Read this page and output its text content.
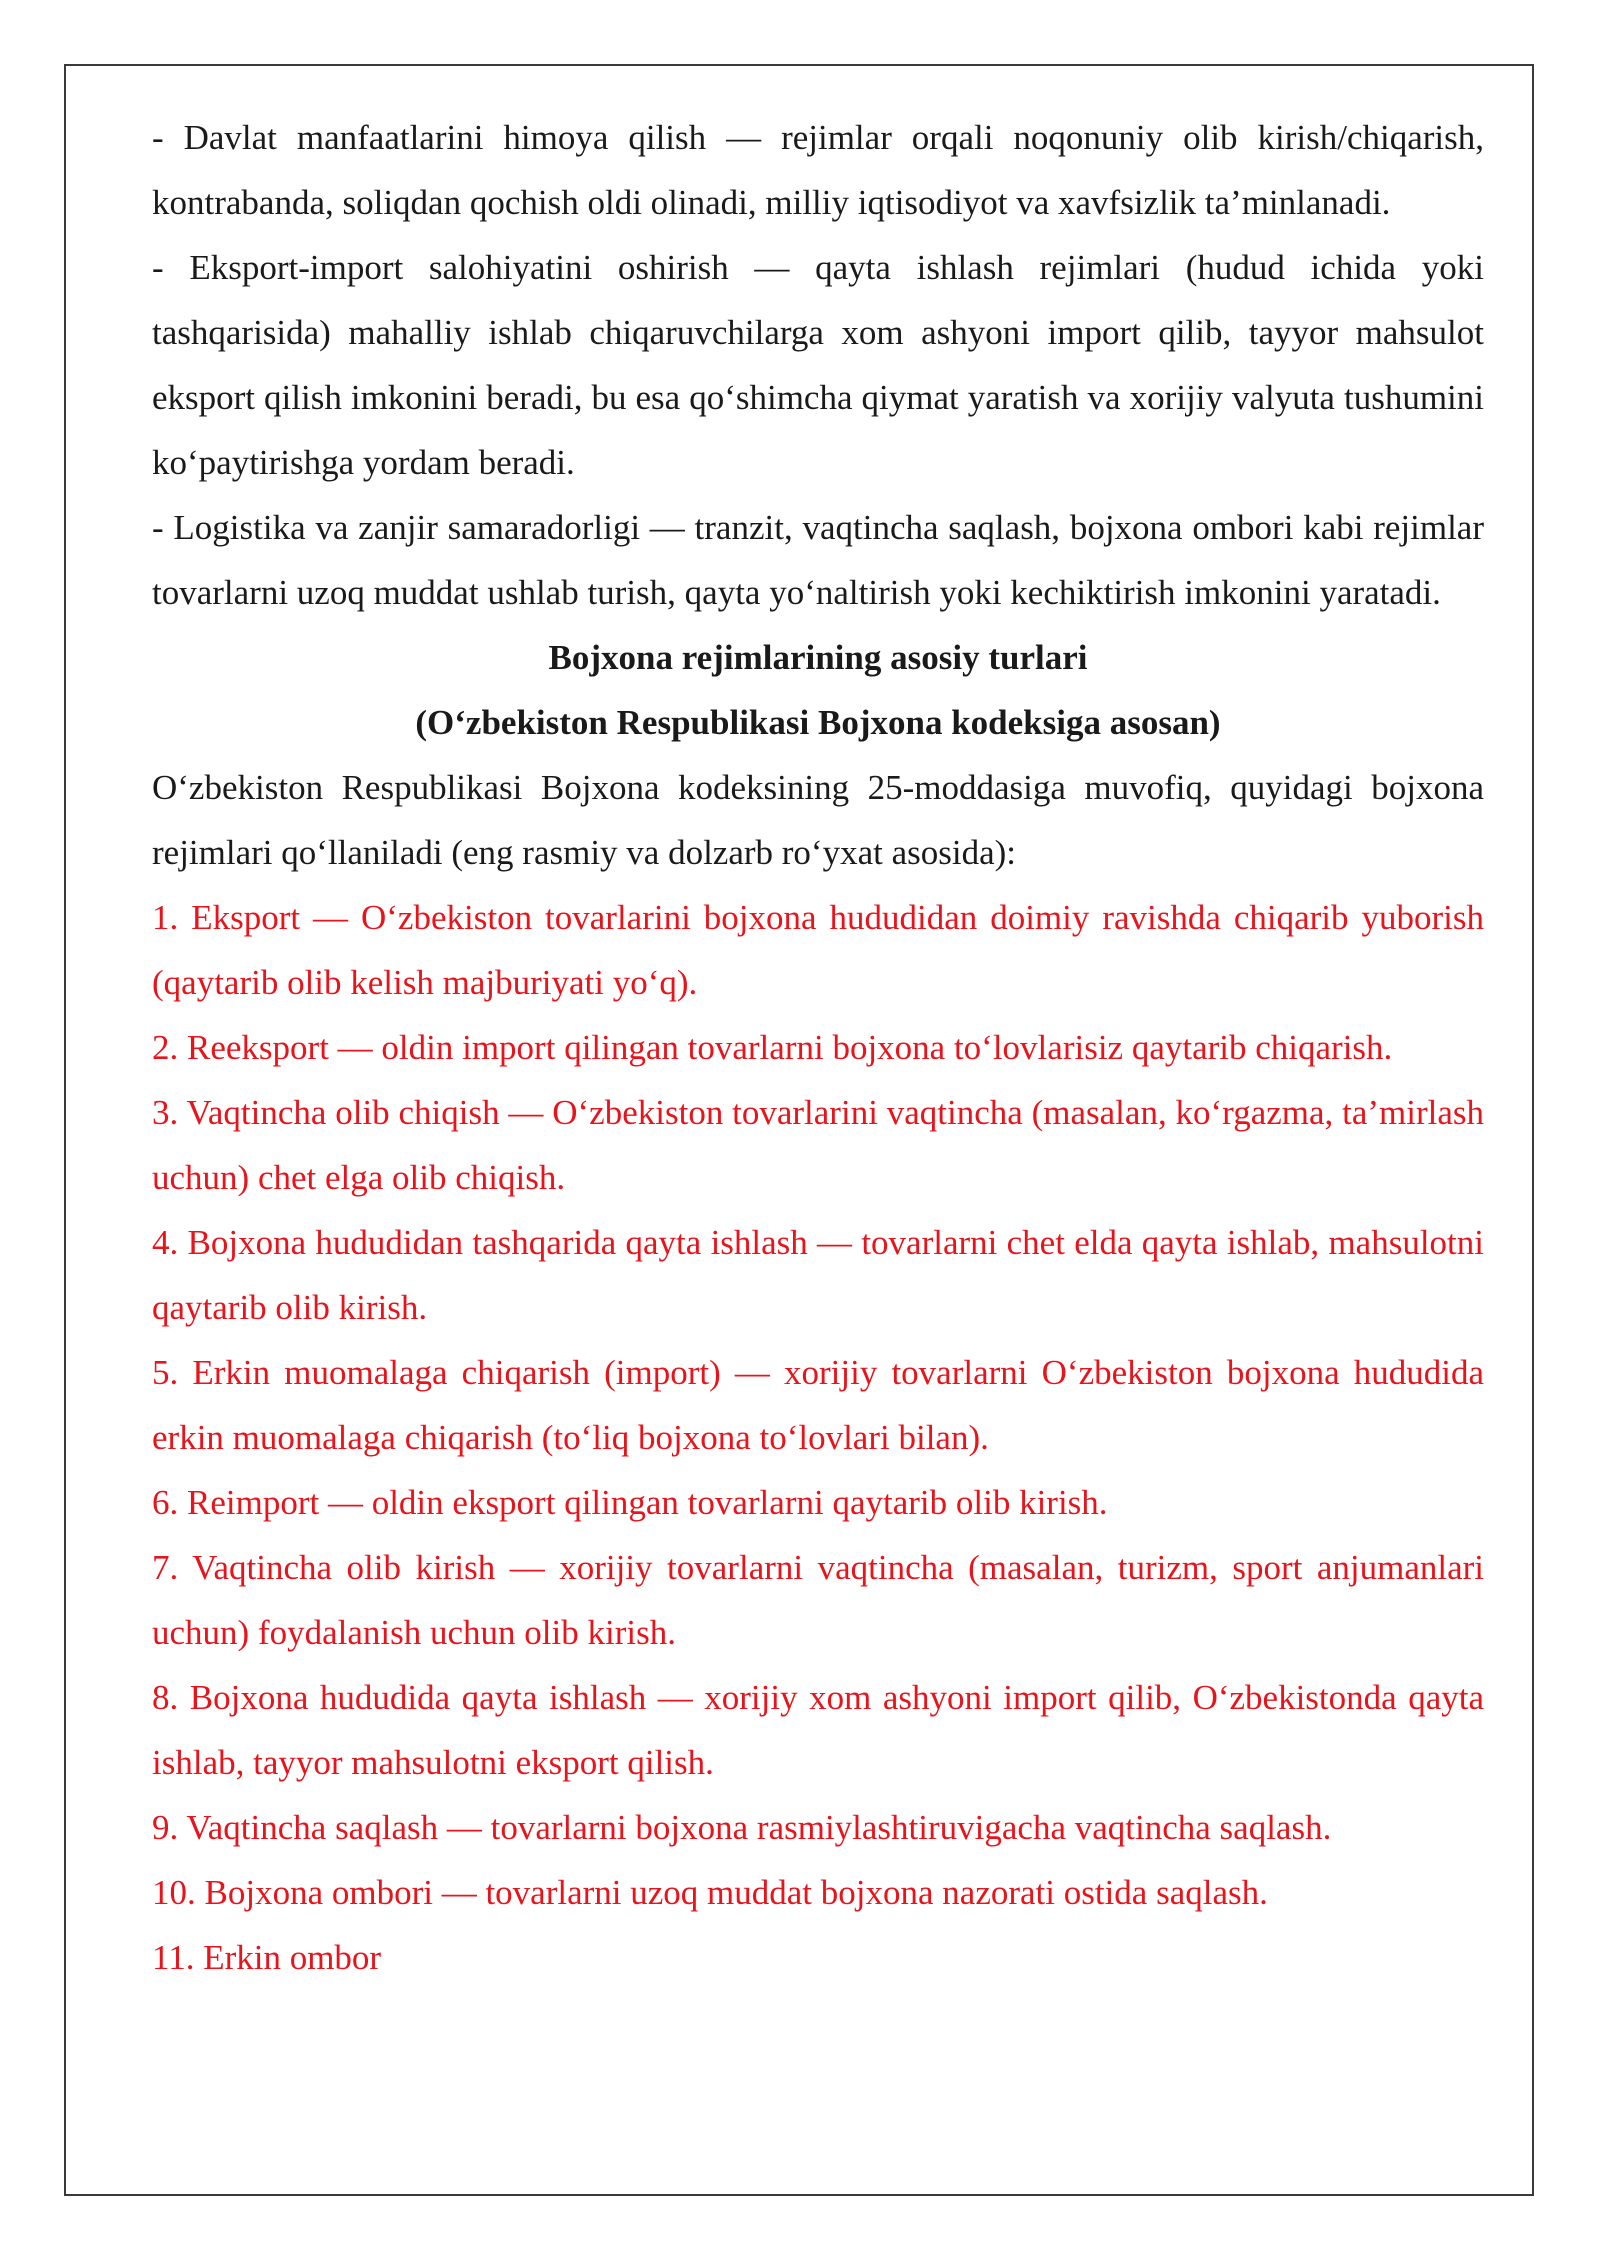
- Davlat manfaatlarini himoya qilish — rejimlar orqali noqonuniy olib kirish/chiqarish, kontrabanda, soliqdan qochish oldi olinadi, milliy iqtisodiyot va xavfsizlik ta’minlanadi.

- Eksport-import salohiyatini oshirish — qayta ishlash rejimlari (hudud ichida yoki tashqarisida) mahalliy ishlab chiqaruvchilarga xom ashyoni import qilib, tayyor mahsulot eksport qilish imkonini beradi, bu esa qo‘shimcha qiymat yaratish va xorijiy valyuta tushumini ko‘paytirishga yordam beradi.

- Logistika va zanjir samaradorligi — tranzit, vaqtincha saqlash, bojxona ombori kabi rejimlar tovarlarni uzoq muddat ushlab turish, qayta yo‘naltirish yoki kechiktirish imkonini yaratadi.

Bojxona rejimlarining asosiy turlari

(O‘zbekiston Respublikasi Bojxona kodeksiga asosan)

O‘zbekiston Respublikasi Bojxona kodeksining 25-moddasiga muvofiq, quyidagi bojxona rejimlari qo‘llaniladi (eng rasmiy va dolzarb ro‘yxat asosida):

1. Eksport — O‘zbekiston tovarlarini bojxona hududidan doimiy ravishda chiqarib yuborish (qaytarib olib kelish majburiyati yo‘q).

2. Reeksport — oldin import qilingan tovarlarni bojxona to‘lovlarisiz qaytarib chiqarish.

3. Vaqtincha olib chiqish — O‘zbekiston tovarlarini vaqtincha (masalan, ko‘rgazma, ta’mirlash uchun) chet elga olib chiqish.

4. Bojxona hududidan tashqarida qayta ishlash — tovarlarni chet elda qayta ishlab, mahsulotni qaytarib olib kirish.

5. Erkin muomalaga chiqarish (import) — xorijiy tovarlarni O‘zbekiston bojxona hududida erkin muomalaga chiqarish (to‘liq bojxona to‘lovlari bilan).

6. Reimport — oldin eksport qilingan tovarlarni qaytarib olib kirish.

7. Vaqtincha olib kirish — xorijiy tovarlarni vaqtincha (masalan, turizm, sport anjumanlari uchun) foydalanish uchun olib kirish.

8. Bojxona hududida qayta ishlash — xorijiy xom ashyoni import qilib, O‘zbekistonda qayta ishlab, tayyor mahsulotni eksport qilish.

9. Vaqtincha saqlash — tovarlarni bojxona rasmiylashtiruvigacha vaqtincha saqlash.

10. Bojxona ombori — tovarlarni uzoq muddat bojxona nazorati ostida saqlash.

11. Erkin ombor
